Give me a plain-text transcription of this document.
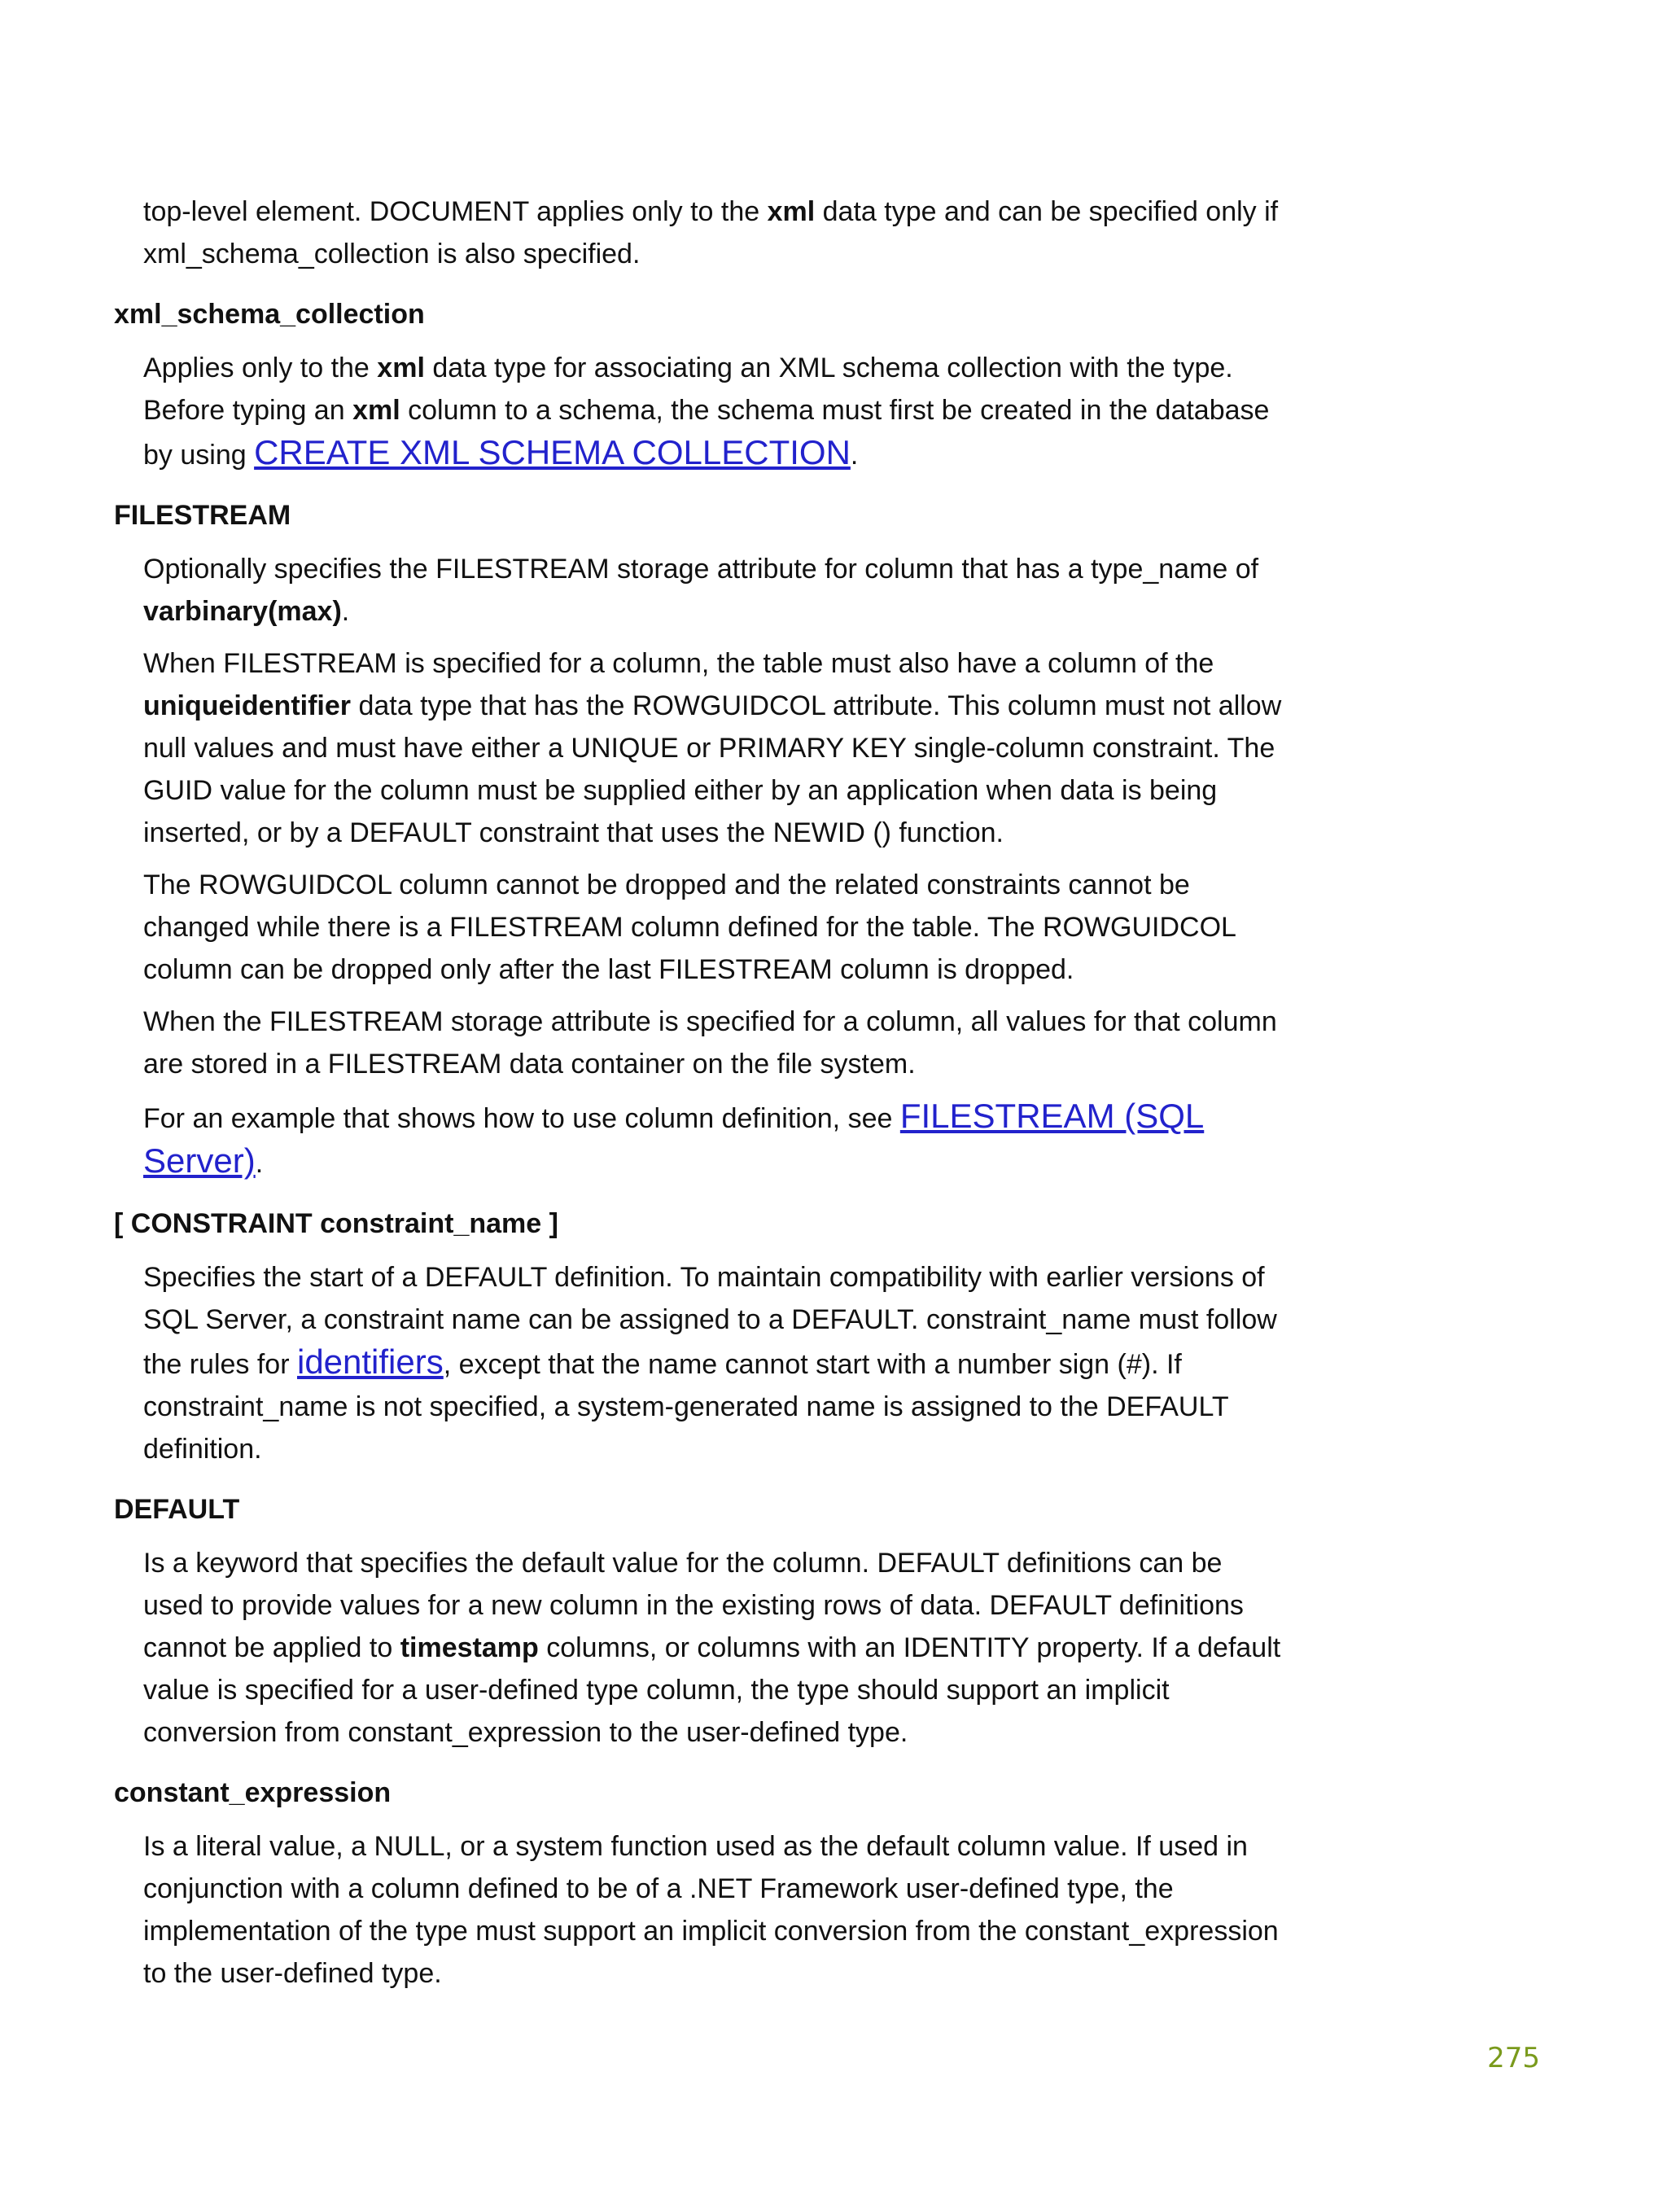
top-level element. DOCUMENT applies only to the xml data type and can be specified only if xml_schema_collection is also specified.

xml_schema_collection

Applies only to the xml data type for associating an XML schema collection with the type. Before typing an xml column to a schema, the schema must first be created in the database by using CREATE XML SCHEMA COLLECTION.

FILESTREAM

Optionally specifies the FILESTREAM storage attribute for column that has a type_name of varbinary(max).

When FILESTREAM is specified for a column, the table must also have a column of the uniqueidentifier data type that has the ROWGUIDCOL attribute. This column must not allow null values and must have either a UNIQUE or PRIMARY KEY single-column constraint. The GUID value for the column must be supplied either by an application when data is being inserted, or by a DEFAULT constraint that uses the NEWID () function.

The ROWGUIDCOL column cannot be dropped and the related constraints cannot be changed while there is a FILESTREAM column defined for the table. The ROWGUIDCOL column can be dropped only after the last FILESTREAM column is dropped.

When the FILESTREAM storage attribute is specified for a column, all values for that column are stored in a FILESTREAM data container on the file system.

For an example that shows how to use column definition, see FILESTREAM (SQL Server).

[ CONSTRAINT constraint_name ]

Specifies the start of a DEFAULT definition. To maintain compatibility with earlier versions of SQL Server, a constraint name can be assigned to a DEFAULT. constraint_name must follow the rules for identifiers, except that the name cannot start with a number sign (#). If constraint_name is not specified, a system-generated name is assigned to the DEFAULT definition.

DEFAULT

Is a keyword that specifies the default value for the column. DEFAULT definitions can be used to provide values for a new column in the existing rows of data. DEFAULT definitions cannot be applied to timestamp columns, or columns with an IDENTITY property. If a default value is specified for a user-defined type column, the type should support an implicit conversion from constant_expression to the user-defined type.

constant_expression

Is a literal value, a NULL, or a system function used as the default column value. If used in conjunction with a column defined to be of a .NET Framework user-defined type, the implementation of the type must support an implicit conversion from the constant_expression to the user-defined type.

275
